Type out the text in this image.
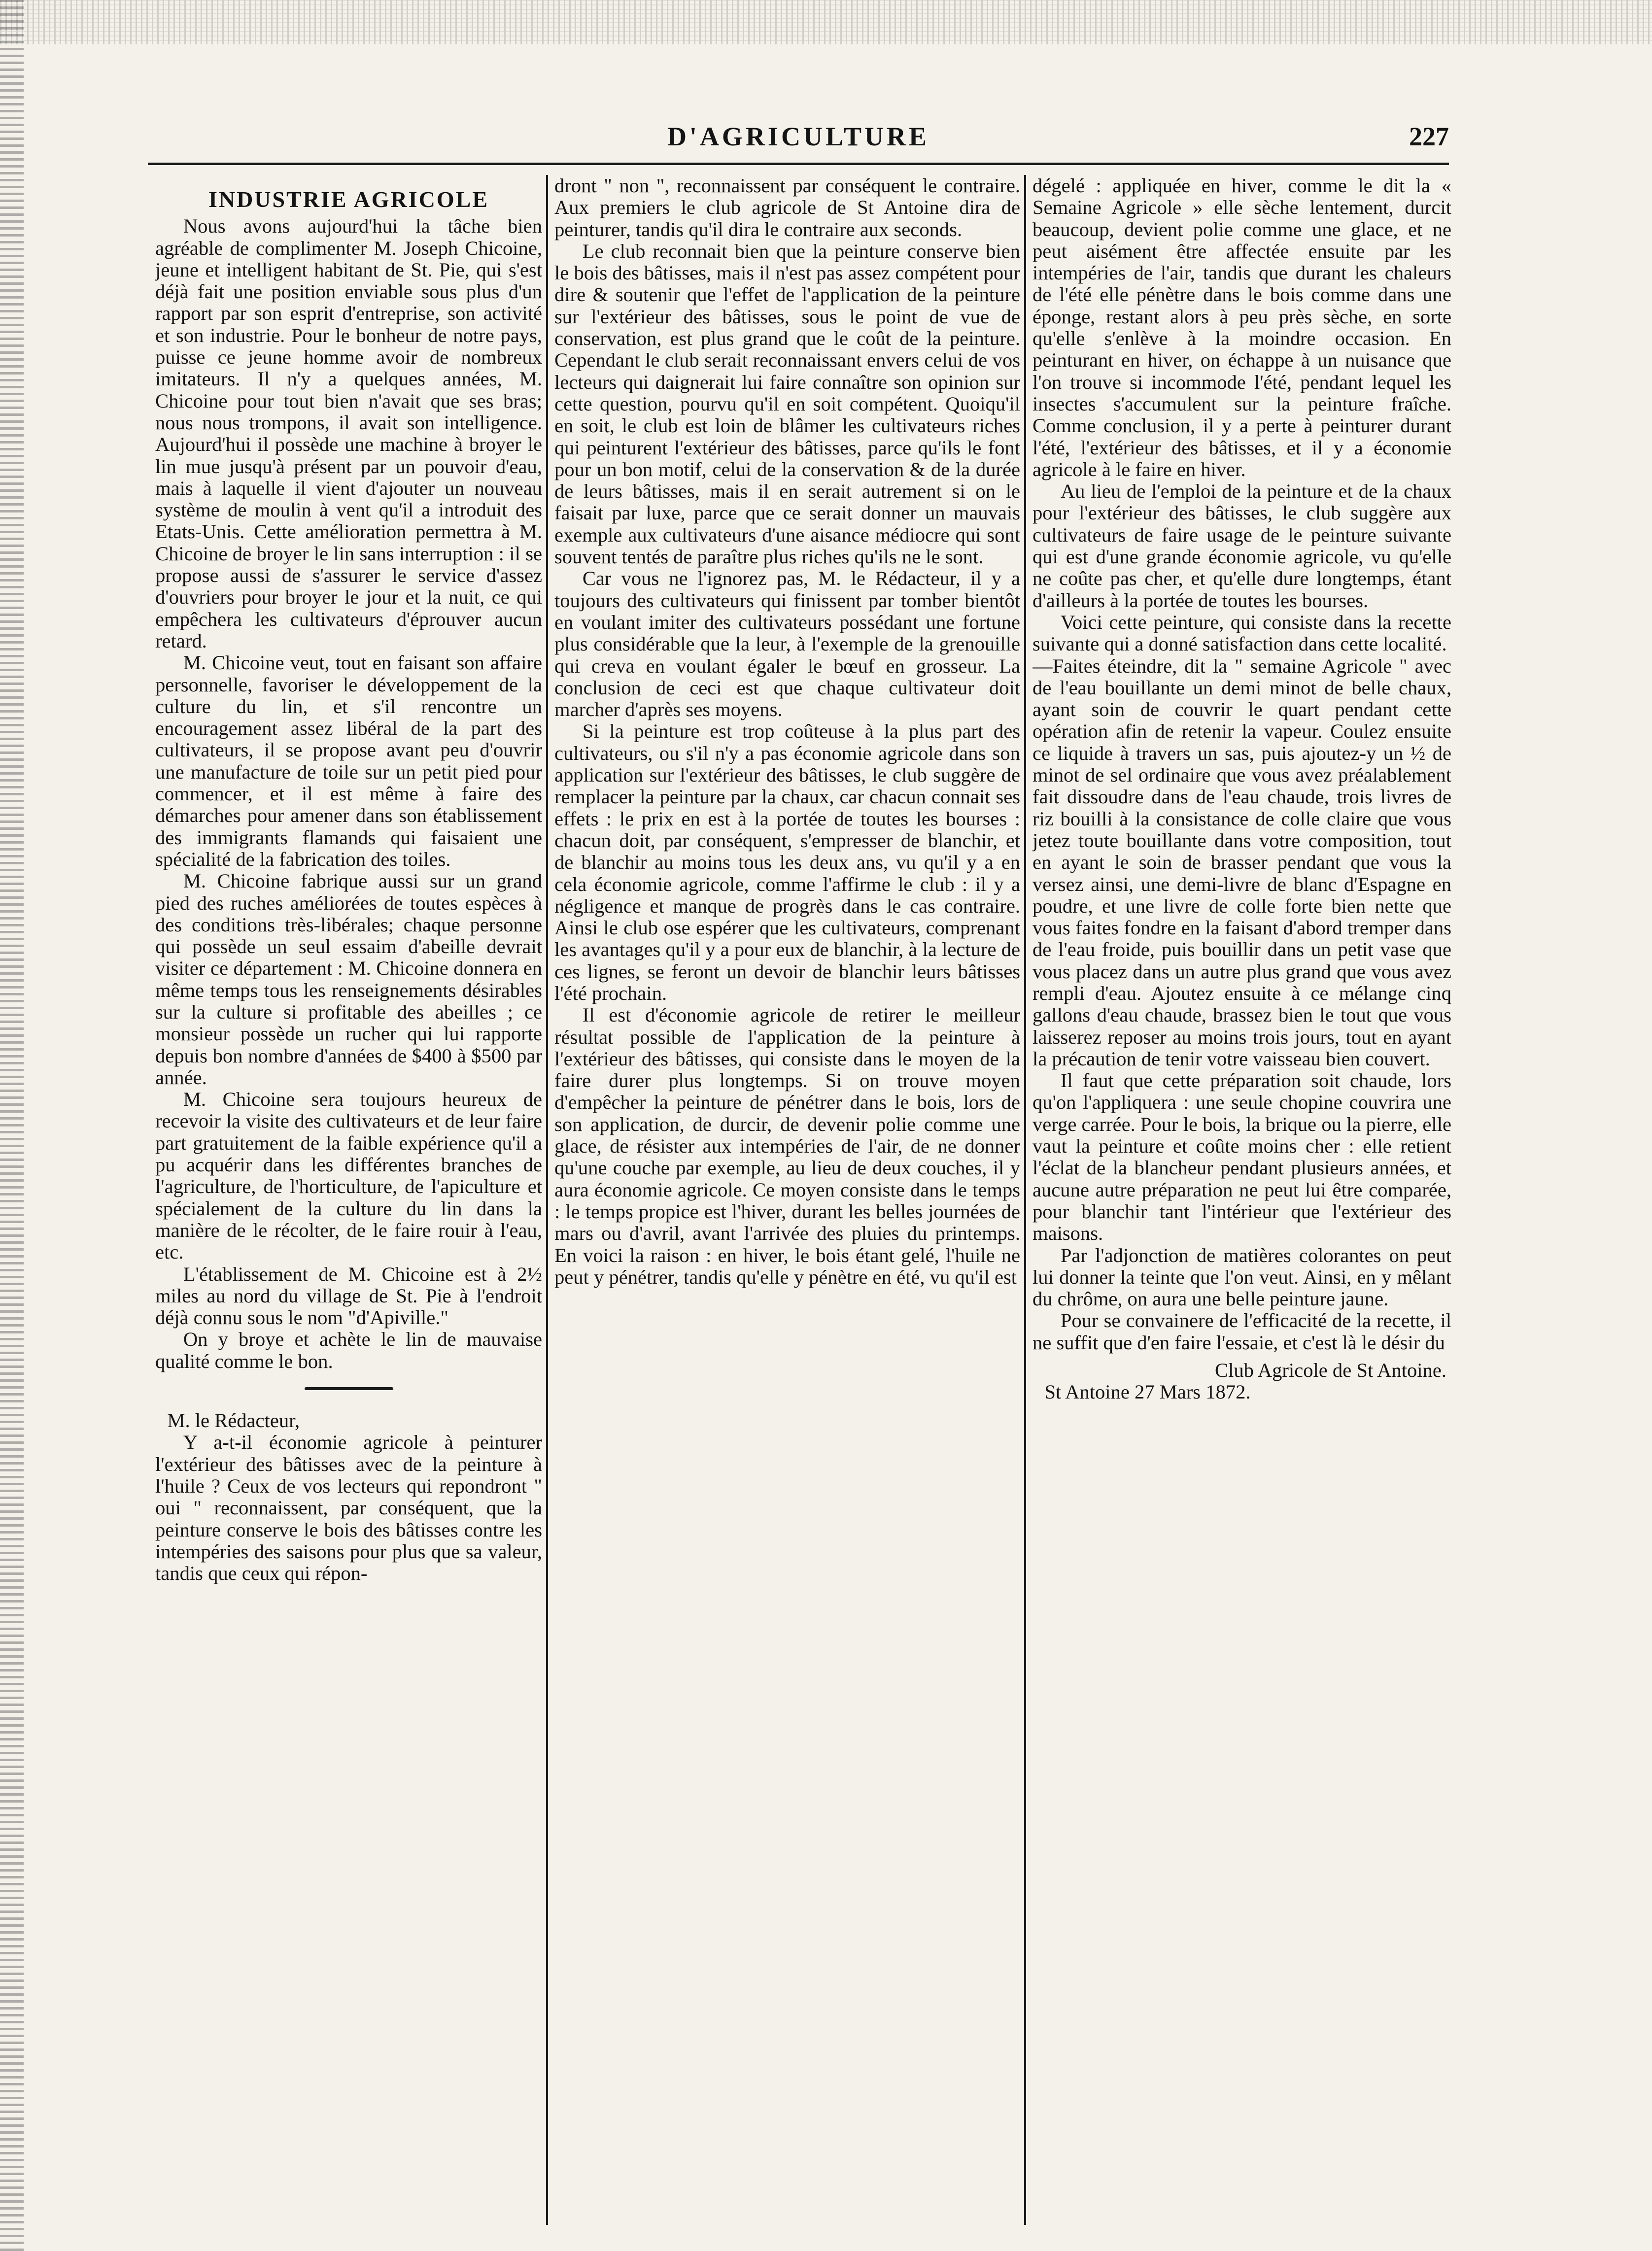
D'AGRICULTURE	227

INDUSTRIE AGRICOLE

Nous avons aujourd'hui la tâche bien agréable de complimenter M. Joseph Chicoine, jeune et intelligent habitant de St. Pie, qui s'est déjà fait une position enviable sous plus d'un rapport par son esprit d'entreprise, son activité et son industrie. Pour le bonheur de notre pays, puisse ce jeune homme avoir de nombreux imitateurs. Il n'y a quelques années, M. Chicoine pour tout bien n'avait que ses bras; nous nous trompons, il avait son intelligence. Aujourd'hui il possède une machine à broyer le lin mue jusqu'à présent par un pouvoir d'eau, mais à laquelle il vient d'ajouter un nouveau système de moulin à vent qu'il a introduit des Etats-Unis. Cette amélioration permettra à M. Chicoine de broyer le lin sans interruption : il se propose aussi de s'assurer le service d'assez d'ouvriers pour broyer le jour et la nuit, ce qui empêchera les cultivateurs d'éprouver aucun retard.

M. Chicoine veut, tout en faisant son affaire personnelle, favoriser le développement de la culture du lin, et s'il rencontre un encouragement assez libéral de la part des cultivateurs, il se propose avant peu d'ouvrir une manufacture de toile sur un petit pied pour commencer, et il est même à faire des démarches pour amener dans son établissement des immigrants flamands qui faisaient une spécialité de la fabrication des toiles.

M. Chicoine fabrique aussi sur un grand pied des ruches améliorées de toutes espèces à des conditions très-libérales; chaque personne qui possède un seul essaim d'abeille devrait visiter ce département : M. Chicoine donnera en même temps tous les renseignements désirables sur la culture si profitable des abeilles ; ce monsieur possède un rucher qui lui rapporte depuis bon nombre d'années de $400 à $500 par année.

M. Chicoine sera toujours heureux de recevoir la visite des cultivateurs et de leur faire part gratuitement de la faible expérience qu'il a pu acquérir dans les différentes branches de l'agriculture, de l'horticulture, de l'apiculture et spécialement de la culture du lin dans la manière de le récolter, de le faire rouir à l'eau, etc.

L'établissement de M. Chicoine est à 2½ miles au nord du village de St. Pie à l'endroit déjà connu sous le nom "d'Apiville."

On y broye et achète le lin de mauvaise qualité comme le bon.

M. le Rédacteur,

Y a-t-il économie agricole à peinturer l'extérieur des bâtisses avec de la peinture à l'huile ? Ceux de vos lecteurs qui repondront " oui " reconnaissent, par conséquent, que la peinture conserve le bois des bâtisses contre les intempéries des saisons pour plus que sa valeur, tandis que ceux qui répon-

dront " non ", reconnaissent par conséquent le contraire. Aux premiers le club agricole de St Antoine dira de peinturer, tandis qu'il dira le contraire aux seconds.

Le club reconnait bien que la peinture conserve bien le bois des bâtisses, mais il n'est pas assez compétent pour dire & soutenir que l'effet de l'application de la peinture sur l'extérieur des bâtisses, sous le point de vue de conservation, est plus grand que le coût de la peinture. Cependant le club serait reconnaissant envers celui de vos lecteurs qui daignerait lui faire connaître son opinion sur cette question, pourvu qu'il en soit compétent. Quoiqu'il en soit, le club est loin de blâmer les cultivateurs riches qui peinturent l'extérieur des bâtisses, parce qu'ils le font pour un bon motif, celui de la conservation & de la durée de leurs bâtisses, mais il en serait autrement si on le faisait par luxe, parce que ce serait donner un mauvais exemple aux cultivateurs d'une aisance médiocre qui sont souvent tentés de paraître plus riches qu'ils ne le sont.

Car vous ne l'ignorez pas, M. le Rédacteur, il y a toujours des cultivateurs qui finissent par tomber bientôt en voulant imiter des cultivateurs possédant une fortune plus considérable que la leur, à l'exemple de la grenouille qui creva en voulant égaler le bœuf en grosseur. La conclusion de ceci est que chaque cultivateur doit marcher d'après ses moyens.

Si la peinture est trop coûteuse à la plus part des cultivateurs, ou s'il n'y a pas économie agricole dans son application sur l'extérieur des bâtisses, le club suggère de remplacer la peinture par la chaux, car chacun connait ses effets : le prix en est à la portée de toutes les bourses : chacun doit, par conséquent, s'empresser de blanchir, et de blanchir au moins tous les deux ans, vu qu'il y a en cela économie agricole, comme l'affirme le club : il y a négligence et manque de progrès dans le cas contraire. Ainsi le club ose espérer que les cultivateurs, comprenant les avantages qu'il y a pour eux de blanchir, à la lecture de ces lignes, se feront un devoir de blanchir leurs bâtisses l'été prochain.

Il est d'économie agricole de retirer le meilleur résultat possible de l'application de la peinture à l'extérieur des bâtisses, qui consiste dans le moyen de la faire durer plus longtemps. Si on trouve moyen d'empêcher la peinture de pénétrer dans le bois, lors de son application, de durcir, de devenir polie comme une glace, de résister aux intempéries de l'air, de ne donner qu'une couche par exemple, au lieu de deux couches, il y aura économie agricole. Ce moyen consiste dans le temps : le temps propice est l'hiver, durant les belles journées de mars ou d'avril, avant l'arrivée des pluies du printemps. En voici la raison : en hiver, le bois étant gelé, l'huile ne peut y pénétrer, tandis qu'elle y pénètre en été, vu qu'il est

dégelé : appliquée en hiver, comme le dit la « Semaine Agricole » elle sèche lentement, durcit beaucoup, devient polie comme une glace, et ne peut aisément être affectée ensuite par les intempéries de l'air, tandis que durant les chaleurs de l'été elle pénètre dans le bois comme dans une éponge, restant alors à peu près sèche, en sorte qu'elle s'enlève à la moindre occasion. En peinturant en hiver, on échappe à un nuisance que l'on trouve si incommode l'été, pendant lequel les insectes s'accumulent sur la peinture fraîche. Comme conclusion, il y a perte à peinturer durant l'été, l'extérieur des bâtisses, et il y a économie agricole à le faire en hiver.

Au lieu de l'emploi de la peinture et de la chaux pour l'extérieur des bâtisses, le club suggère aux cultivateurs de faire usage de le peinture suivante qui est d'une grande économie agricole, vu qu'elle ne coûte pas cher, et qu'elle dure longtemps, étant d'ailleurs à la portée de toutes les bourses.

Voici cette peinture, qui consiste dans la recette suivante qui a donné satisfaction dans cette localité.

—Faites éteindre, dit la " semaine Agricole " avec de l'eau bouillante un demi minot de belle chaux, ayant soin de couvrir le quart pendant cette opération afin de retenir la vapeur. Coulez ensuite ce liquide à travers un sas, puis ajoutez-y un ½ de minot de sel ordinaire que vous avez préalablement fait dissoudre dans de l'eau chaude, trois livres de riz bouilli à la consistance de colle claire que vous jetez toute bouillante dans votre composition, tout en ayant le soin de brasser pendant que vous la versez ainsi, une demi-livre de blanc d'Espagne en poudre, et une livre de colle forte bien nette que vous faites fondre en la faisant d'abord tremper dans de l'eau froide, puis bouillir dans un petit vase que vous placez dans un autre plus grand que vous avez rempli d'eau. Ajoutez ensuite à ce mélange cinq gallons d'eau chaude, brassez bien le tout que vous laisserez reposer au moins trois jours, tout en ayant la précaution de tenir votre vaisseau bien couvert.

Il faut que cette préparation soit chaude, lors qu'on l'appliquera : une seule chopine couvrira une verge carrée. Pour le bois, la brique ou la pierre, elle vaut la peinture et coûte moins cher : elle retient l'éclat de la blancheur pendant plusieurs années, et aucune autre préparation ne peut lui être comparée, pour blanchir tant l'intérieur que l'extérieur des maisons.

Par l'adjonction de matières colorantes on peut lui donner la teinte que l'on veut. Ainsi, en y mêlant du chrôme, on aura une belle peinture jaune.

Pour se convainere de l'efficacité de la recette, il ne suffit que d'en faire l'essaie, et c'est là le désir du

Club Agricole de St Antoine.

St Antoine 27 Mars 1872.
